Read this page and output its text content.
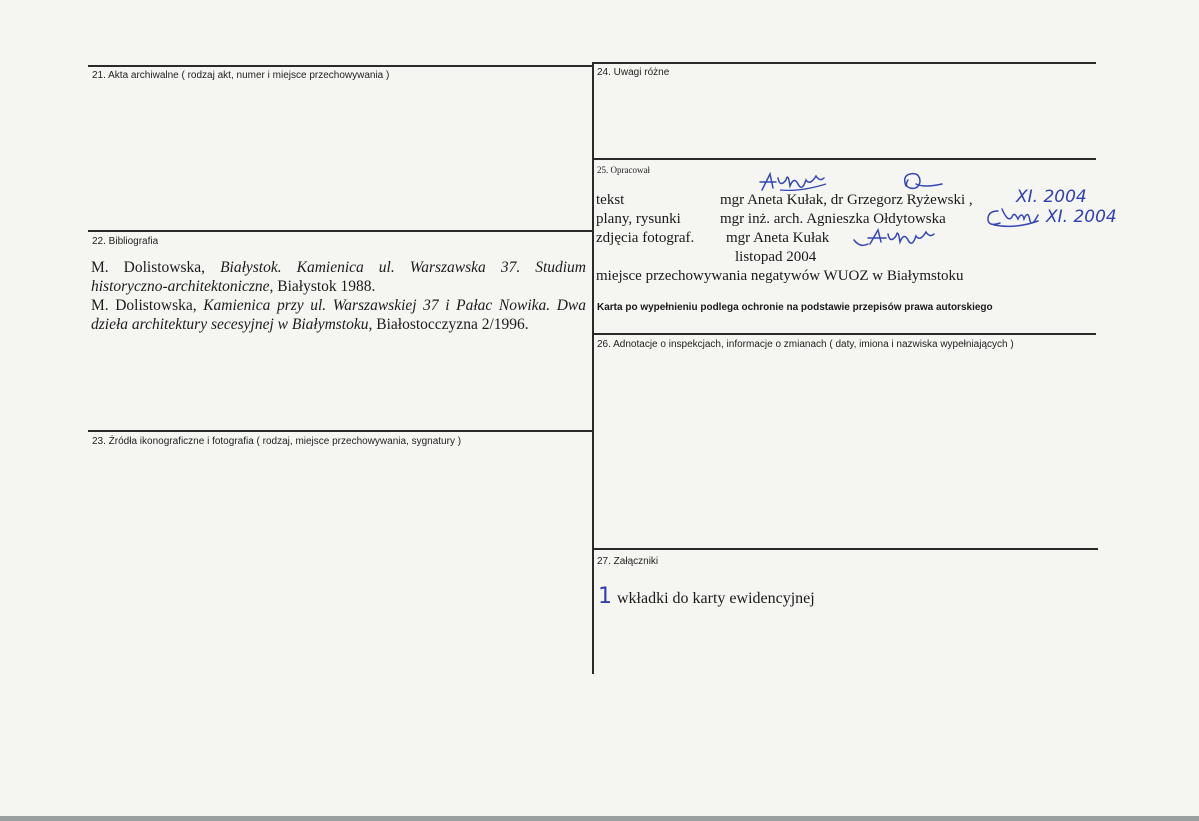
21. Akta archiwalne ( rodzaj akt, numer i miejsce przechowywania )
22. Bibliografia
23. Źródła ikonograficzne i fotografia ( rodzaj, miejsce przechowywania, sygnatury )
24. Uwagi różne
25. Opracował
26. Adnotacje o inspekcjach, informacje o zmianach ( daty, imiona i nazwiska wypełniających )
27. Załączniki

M. Dolistowska, Białystok. Kamienica ul. Warszawska 37. Studium historyczno-architektoniczne, Białystok 1988.

M. Dolistowska, Kamienica przy ul. Warszawskiej 37 i Pałac Nowika. Dwa dzieła architektury secesyjnej w Białymstoku, Białostocczyzna 2/1996.

tekst	mgr Aneta Kułak, dr Grzegorz Ryżewski ,	XI. 2004
plany, rysunki	mgr inż. arch. Agnieszka Ołdytowska	XI. 2004
zdjęcia fotograf. mgr Aneta Kułak
listopad 2004
miejsce przechowywania negatywów WUOZ w Białymstoku
Karta po wypełnieniu podlega ochronie na podstawie przepisów prawa autorskiego
1 wkładki do karty ewidencyjnej
